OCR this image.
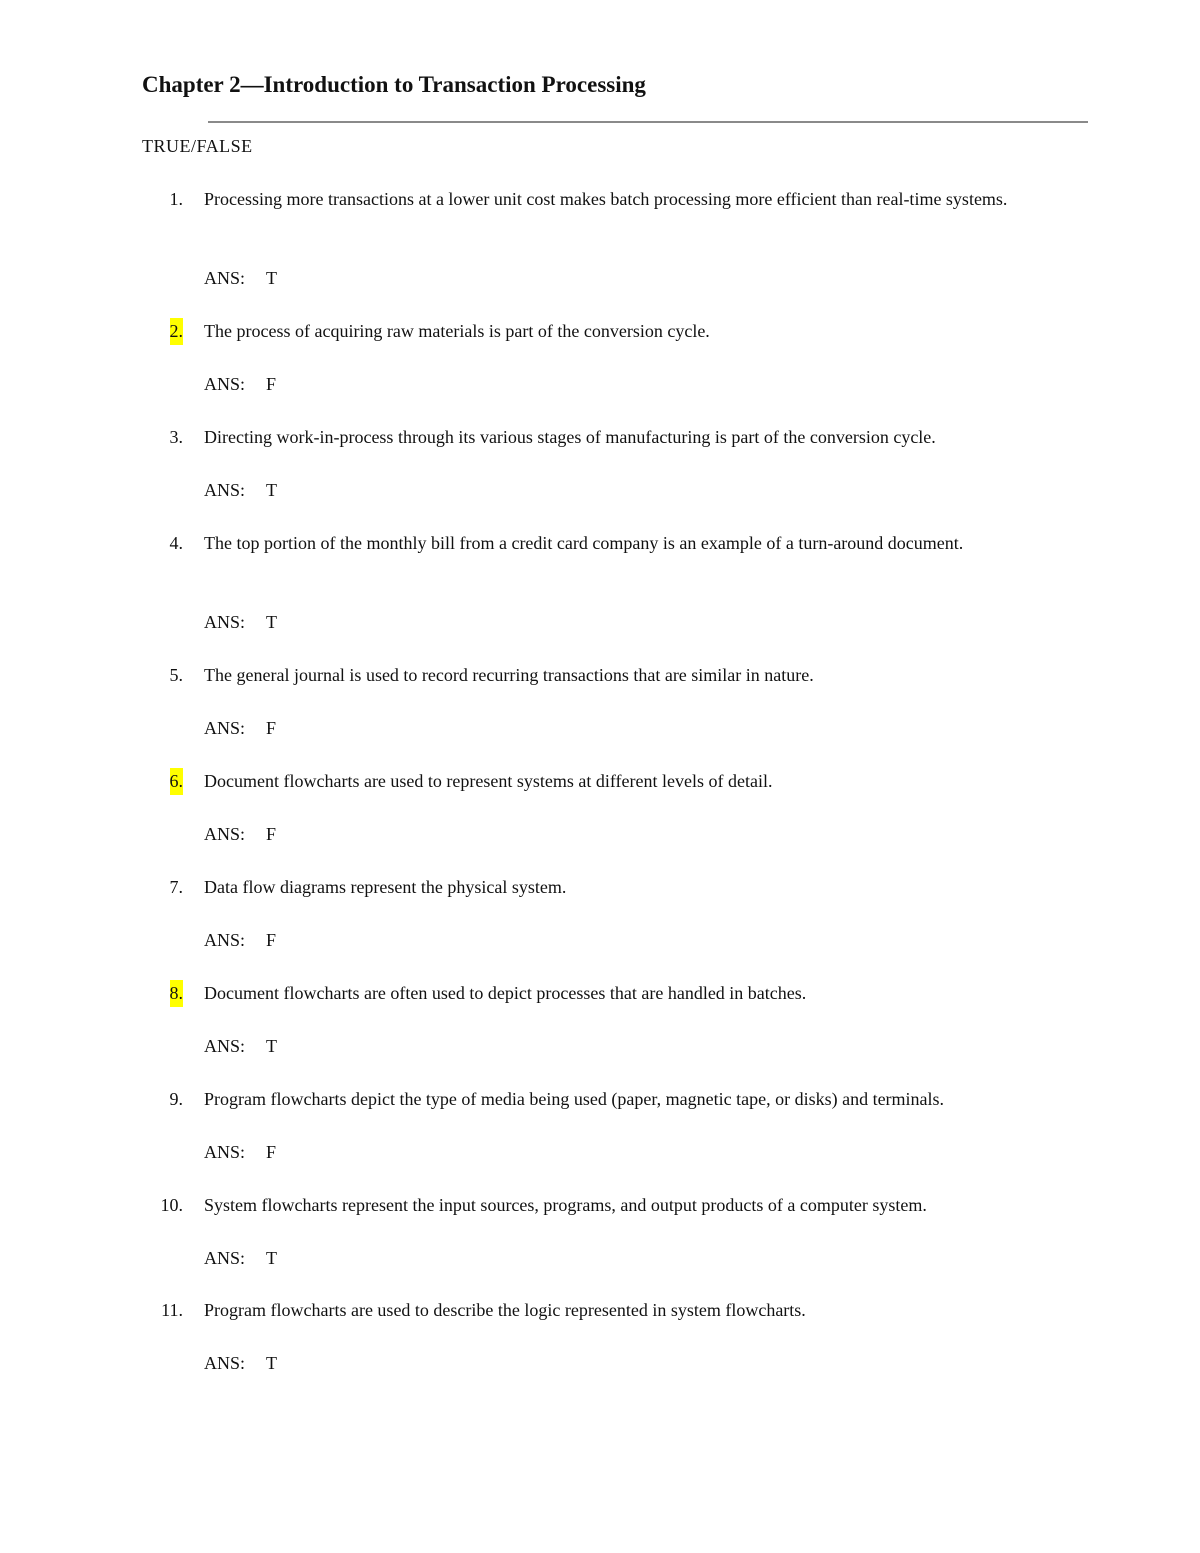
Chapter 2—Introduction to Transaction Processing
TRUE/FALSE
1. Processing more transactions at a lower unit cost makes batch processing more efficient than real-time systems.
ANS: T
2. The process of acquiring raw materials is part of the conversion cycle.
ANS: F
3. Directing work-in-process through its various stages of manufacturing is part of the conversion cycle.
ANS: T
4. The top portion of the monthly bill from a credit card company is an example of a turn-around document.
ANS: T
5. The general journal is used to record recurring transactions that are similar in nature.
ANS: F
6. Document flowcharts are used to represent systems at different levels of detail.
ANS: F
7. Data flow diagrams represent the physical system.
ANS: F
8. Document flowcharts are often used to depict processes that are handled in batches.
ANS: T
9. Program flowcharts depict the type of media being used (paper, magnetic tape, or disks) and terminals.
ANS: F
10. System flowcharts represent the input sources, programs, and output products of a computer system.
ANS: T
11. Program flowcharts are used to describe the logic represented in system flowcharts.
ANS: T
